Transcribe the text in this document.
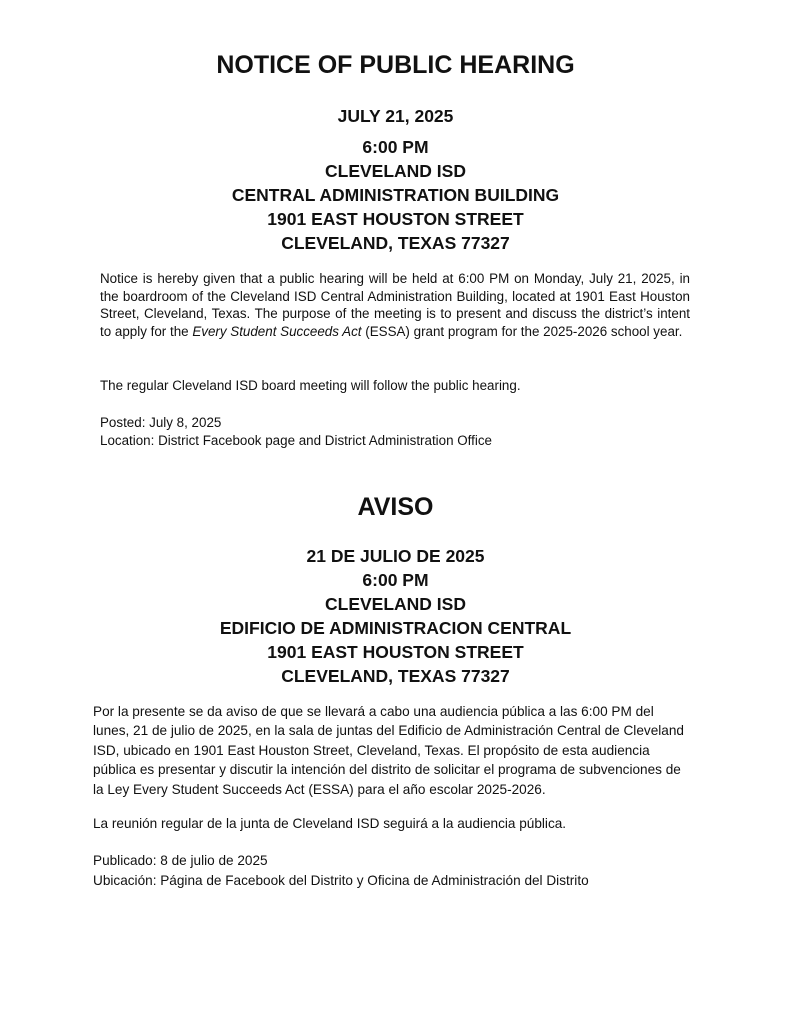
NOTICE OF PUBLIC HEARING
JULY 21, 2025
6:00 PM
CLEVELAND ISD
CENTRAL ADMINISTRATION BUILDING
1901 EAST HOUSTON STREET
CLEVELAND, TEXAS 77327

Notice is hereby given that a public hearing will be held at 6:00 PM on Monday, July 21, 2025, in the boardroom of the Cleveland ISD Central Administration Building, located at 1901 East Houston Street, Cleveland, Texas. The purpose of the meeting is to present and discuss the district’s intent to apply for the Every Student Succeeds Act (ESSA) grant program for the 2025-2026 school year.

The regular Cleveland ISD board meeting will follow the public hearing.

Posted: July 8, 2025

Location: District Facebook page and District Administration Office

AVISO
21 DE JULIO DE 2025
6:00 PM
CLEVELAND ISD
EDIFICIO DE ADMINISTRACION CENTRAL
1901 EAST HOUSTON STREET
CLEVELAND, TEXAS 77327

Por la presente se da aviso de que se llevará a cabo una audiencia pública a las 6:00 PM del lunes, 21 de julio de 2025, en la sala de juntas del Edificio de Administración Central de Cleveland ISD, ubicado en 1901 East Houston Street, Cleveland, Texas. El propósito de esta audiencia pública es presentar y discutir la intención del distrito de solicitar el programa de subvenciones de la Ley Every Student Succeeds Act (ESSA) para el año escolar 2025-2026.

La reunión regular de la junta de Cleveland ISD seguirá a la audiencia pública.

Publicado: 8 de julio de 2025

Ubicación: Página de Facebook del Distrito y Oficina de Administración del Distrito
